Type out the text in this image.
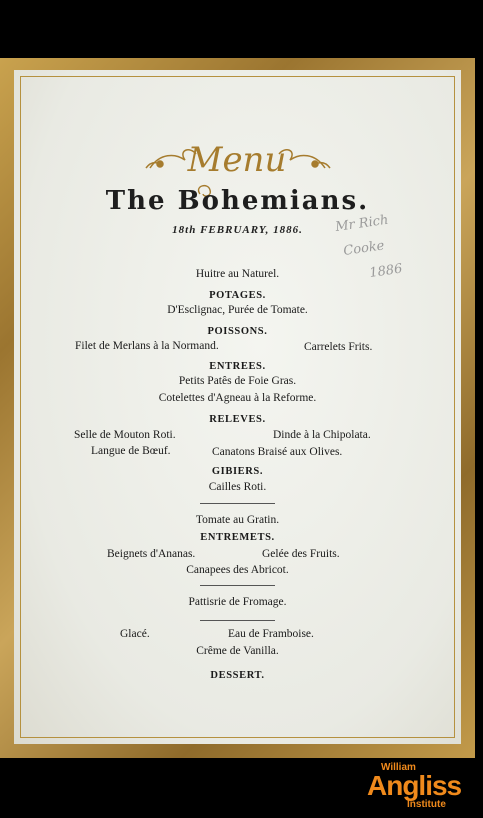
Menu
The Bohemians.
18th FEBRUARY, 1886.	Mr Rich
Cooke
1886
Huitre au Naturel.
POTAGES.
D'Esclignac, Purée de Tomate.
POISSONS.
Filet de Merlans à la Normand.	Carrelets Frits.
ENTREES.
Petits Patês de Foie Gras.
Cotelettes d'Agneau à la Reforme.
RELEVES.
Selle de Mouton Roti.	Dinde à la Chipolata.
Langue de Bœuf.	Canatons Braisé aux Olives.
GIBIERS.
Cailles Roti.
Tomate au Gratin.
ENTREMETS.
Beignets d'Ananas.	Gelée des Fruits.
Canapees des Abricot.
Pattisrie de Fromage.
Glacé.	Eau de Framboise.
Crême de Vanilla.
DESSERT.
William
Angliss
Institute
